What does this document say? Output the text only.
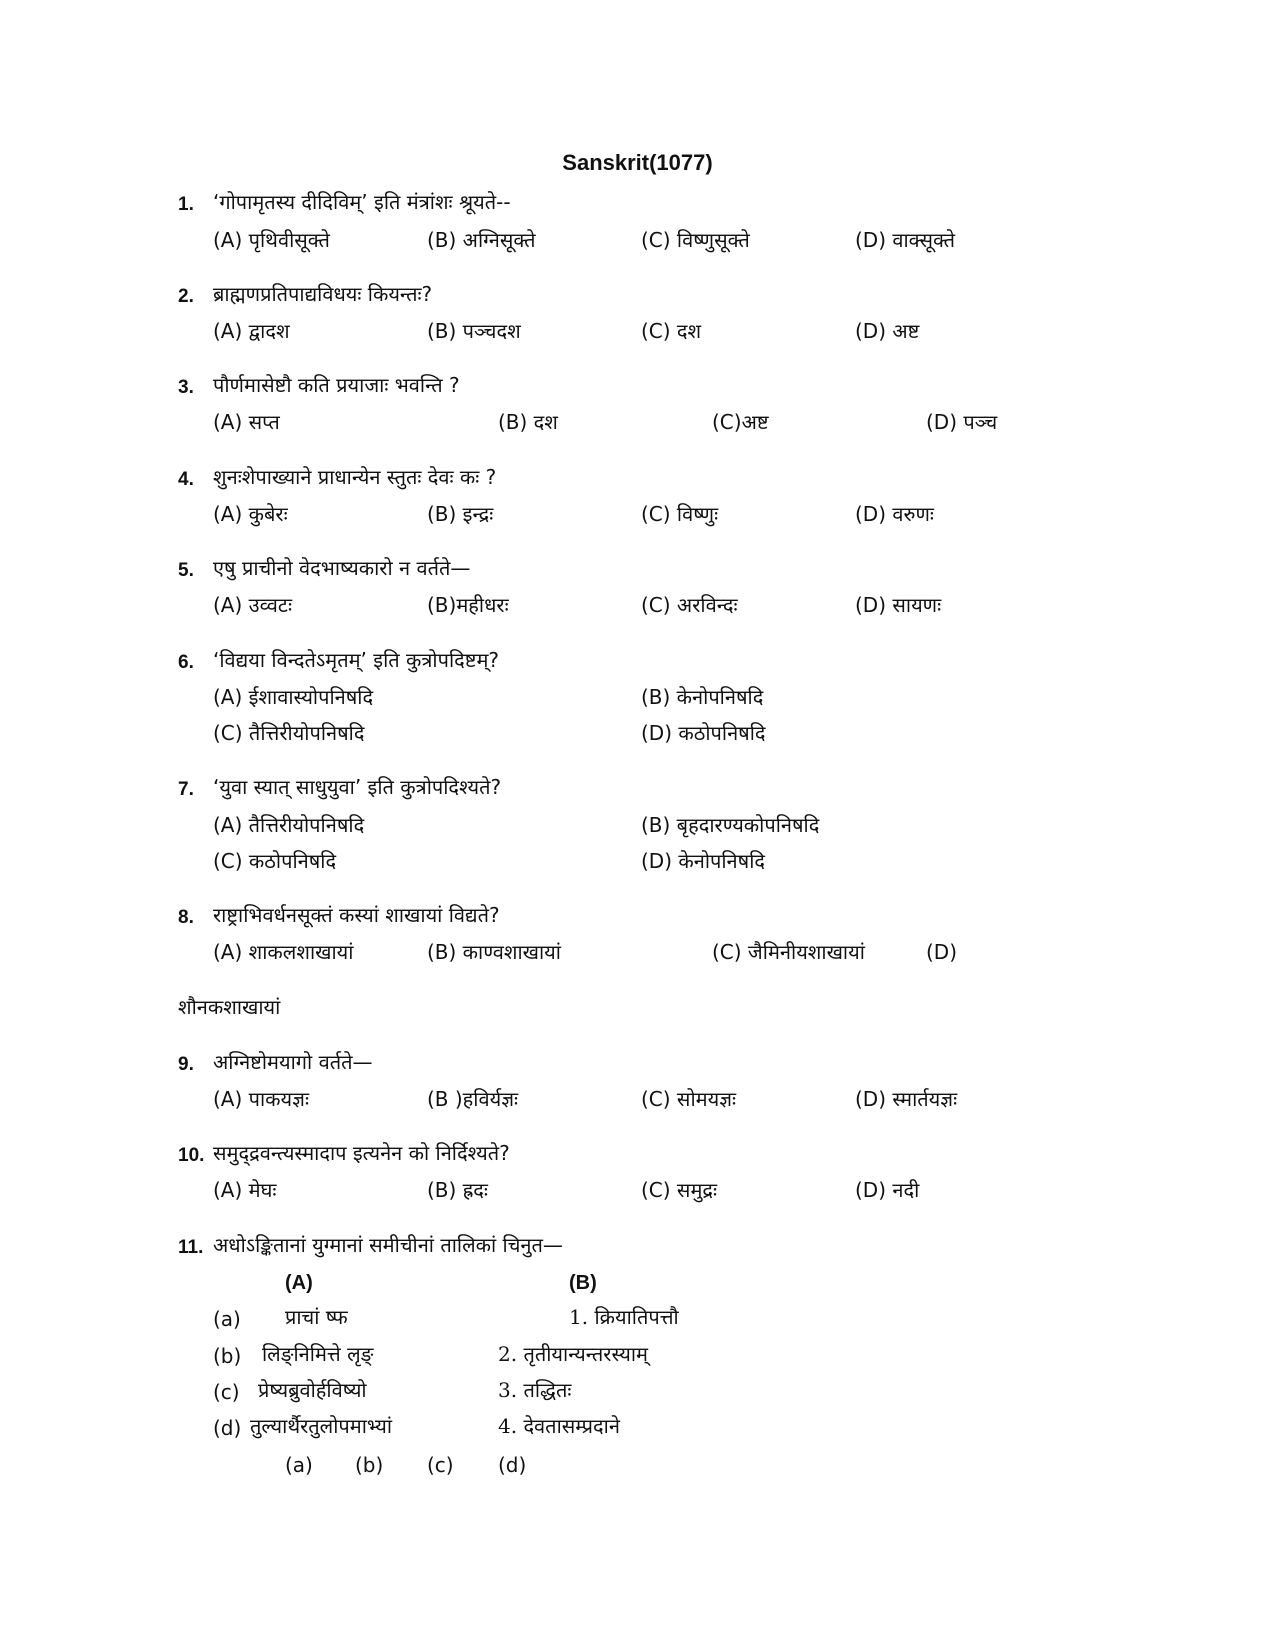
Sanskrit(1077)
1. ‘गोपामृतस्य दीदिविम्’ इति मंत्रांशः श्रूयते--
(A) पृथिवीसूक्ते	(B) अग्निसूक्ते	(C) विष्णुसूक्ते	(D) वाक्सूक्ते
2. ब्राह्मणप्रतिपाद्यविधयः कियन्तः?
(A) द्वादश	(B) पञ्चदश	(C) दश	(D) अष्ट
3. पौर्णमासेष्टौ कति प्रयाजाः भवन्ति ?
(A) सप्त	(B) दश	(C)अष्ट	(D) पञ्च
4. शुनःशेपाख्याने प्राधान्येन स्तुतः देवः कः ?
(A) कुबेरः	(B) इन्द्रः	(C) विष्णुः	(D) वरुणः
5. एषु प्राचीनो वेदभाष्यकारो न वर्तते—
(A) उव्वटः	(B)महीधरः	(C) अरविन्दः	(D) सायणः
6. ‘विद्यया विन्दतेऽमृतम्’ इति कुत्रोपदिष्टम्?
(A) ईशावास्योपनिषदि	(B) केनोपनिषदि
(C) तैत्तिरीयोपनिषदि	(D) कठोपनिषदि
7. ‘युवा स्यात् साधुयुवा’ इति कुत्रोपदिश्यते?
(A) तैत्तिरीयोपनिषदि	(B) बृहदारण्यकोपनिषदि
(C) कठोपनिषदि	(D) केनोपनिषदि
8. राष्ट्राभिवर्धनसूक्तं कस्यां शाखायां विद्यते?
(A) शाकलशाखायां	(B) काण्वशाखायां	(C) जैमिनीयशाखायां	(D)
शौनकशाखायां
9. अग्निष्टोमयागो वर्तते—
(A) पाकयज्ञः	(B )हविर्यज्ञः	(C) सोमयज्ञः	(D) स्मार्तयज्ञः
10. समुद्द्रवन्त्यस्मादाप इत्यनेन को निर्दिश्यते?
(A) मेघः	(B) ह्रदः	(C) समुद्रः	(D) नदी
11. अधोऽङ्कितानां युग्मानां समीचीनां तालिकां चिनुत—
(A)	(B)
(a) प्राचां ष्फ	1. क्रियातिपत्तौ
(b) लिङ्निमित्ते लृङ्	2. तृतीयान्यन्तरस्याम्
(c) प्रेष्यब्रुवोर्हविष्यो	3. तद्धितः
(d) तुल्यार्थैरतुलोपमाभ्यां	4. देवतासम्प्रदाने
(a) (b) (c) (d)
